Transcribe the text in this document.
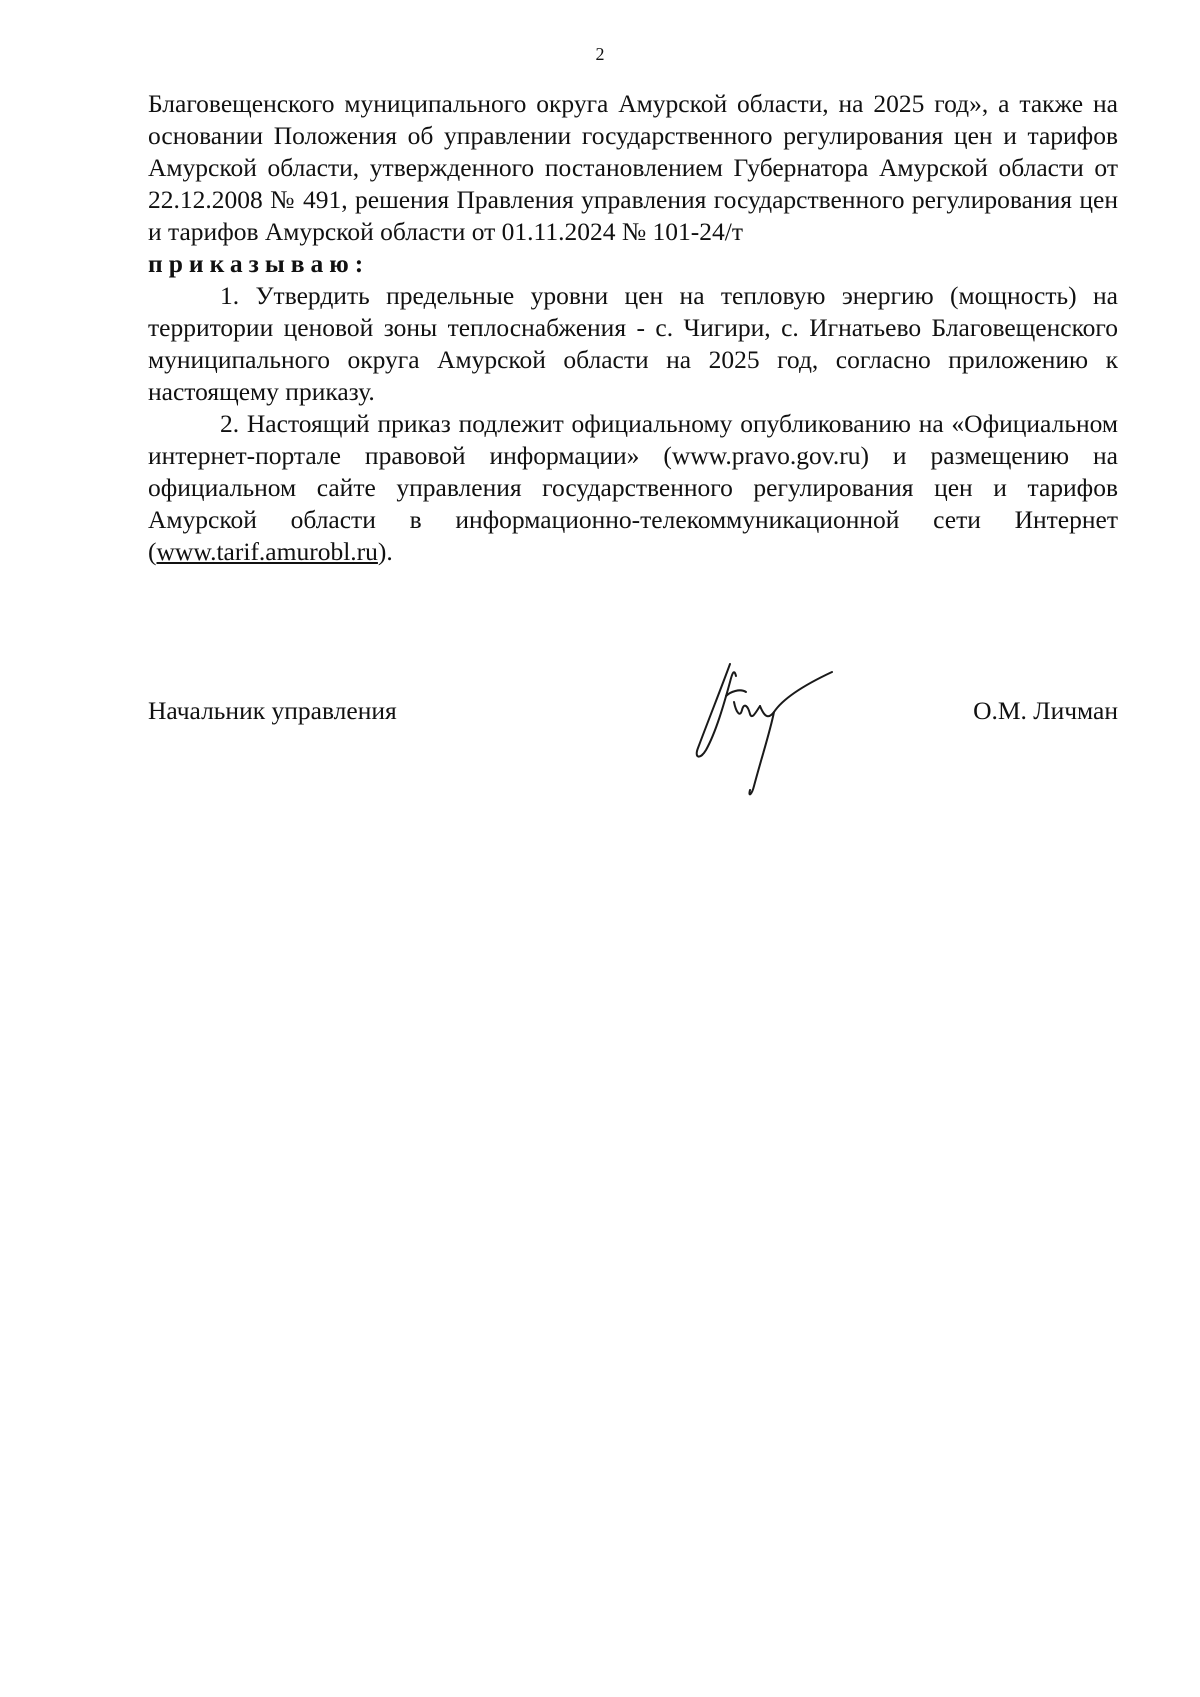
2

Благовещенского муниципального округа Амурской области, на 2025 год», а также на основании Положения об управлении государственного регулирования цен и тарифов Амурской области, утвержденного постановлением Губернатора Амурской области от 22.12.2008 № 491, решения Правления управления государственного регулирования цен и тарифов Амурской области от 01.11.2024 № 101-24/т

приказываю:

1. Утвердить предельные уровни цен на тепловую энергию (мощность) на территории ценовой зоны теплоснабжения - с. Чигири, с. Игнатьево Благовещенского муниципального округа Амурской области на 2025 год, согласно приложению к настоящему приказу.

2. Настоящий приказ подлежит официальному опубликованию на «Официальном интернет-портале правовой информации» (www.pravo.gov.ru) и размещению на официальном сайте управления государственного регулирования цен и тарифов Амурской области в информационно-телекоммуникационной сети Интернет (www.tarif.amurobl.ru).

Начальник управления	О.М. Личман
